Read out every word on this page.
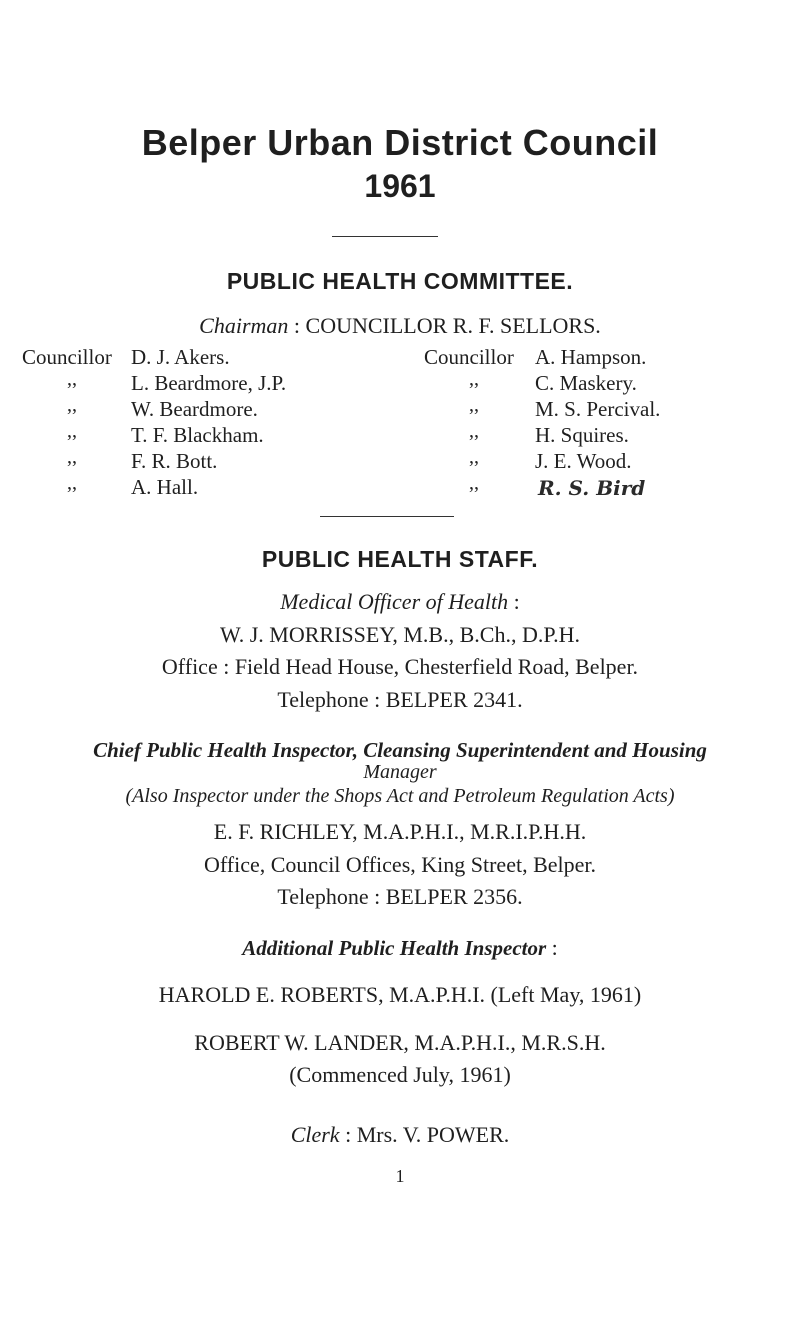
Belper Urban District Council
1961
PUBLIC HEALTH COMMITTEE.
Chairman : COUNCILLOR R. F. SELLORS.
Councillor
,,
,,
,,
,,
,,
D. J. Akers.
L. Beardmore, J.P.
W. Beardmore.
T. F. Blackham.
F. R. Bott.
A. Hall.
Councillor
,,
,,
,,
,,
,,
A. Hampson.
C. Maskery.
M. S. Percival.
H. Squires.
J. E. Wood.
R. S. Bird
PUBLIC HEALTH STAFF.
Medical Officer of Health :
W. J. MORRISSEY, M.B., B.Ch., D.P.H.
Office : Field Head House, Chesterfield Road, Belper.
Telephone : BELPER 2341.
Chief Public Health Inspector, Cleansing Superintendent and Housing
Manager
(Also Inspector under the Shops Act and Petroleum Regulation Acts)
E. F. RICHLEY, M.A.P.H.I., M.R.I.P.H.H.
Office, Council Offices, King Street, Belper.
Telephone : BELPER 2356.
Additional Public Health Inspector :
HAROLD E. ROBERTS, M.A.P.H.I. (Left May, 1961)
ROBERT W. LANDER, M.A.P.H.I., M.R.S.H.
(Commenced July, 1961)
Clerk : Mrs. V. POWER.
1
